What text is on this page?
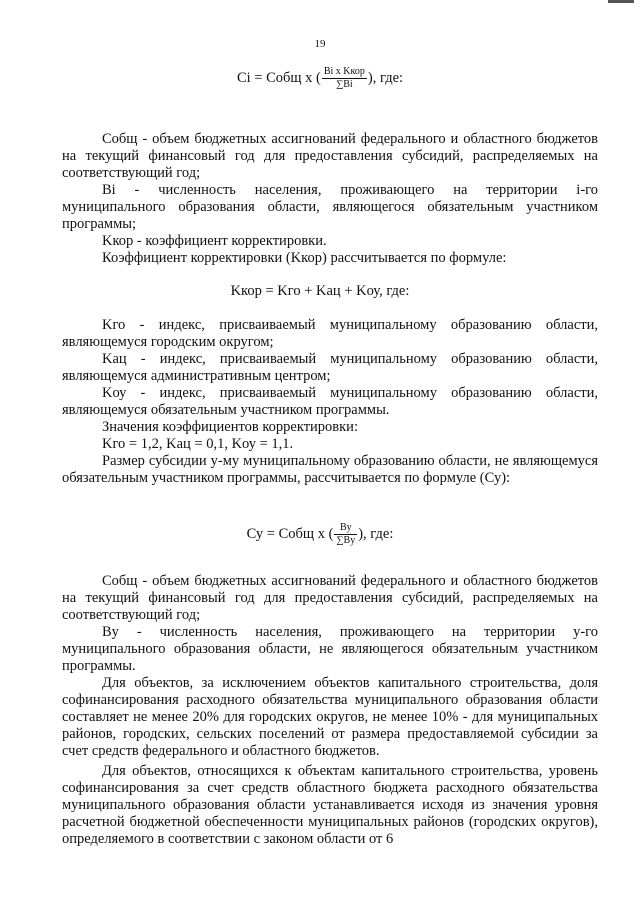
19
Ci = Собщ х ( $\frac{\text{Bi x Kкор}}{\sum Bi}$ ), где:

Собщ - объем бюджетных ассигнований федерального и областного бюджетов на текущий финансовый год для предоставления субсидий, распределяемых на соответствующий год;

Bi - численность населения, проживающего на территории i-го муниципального образования области, являющегося обязательным участником программы;

Kкор - коэффициент корректировки.

Коэффициент корректировки (Kкор) рассчитывается по формуле:

Kкор = Kго + Kац + Kоу, где:

Kго - индекс, присваиваемый муниципальному образованию области, являющемуся городским округом;

Kац - индекс, присваиваемый муниципальному образованию области, являющемуся административным центром;

Kоу - индекс, присваиваемый муниципальному образованию области, являющемуся обязательным участником программы.

Значения коэффициентов корректировки:

Kго = 1,2, Kац = 0,1, Kоу = 1,1.

Размер субсидии у-му муниципальному образованию области, не являющемуся обязательным участником программы, рассчитывается по формуле (Су):

Су = Собщ х ( $\frac{Bу}{\sum Bу}$ ), где:

Собщ - объем бюджетных ассигнований федерального и областного бюджетов на текущий финансовый год для предоставления субсидий, распределяемых на соответствующий год;

Bу - численность населения, проживающего на территории у-го муниципального образования области, не являющегося обязательным участником программы.

Для объектов, за исключением объектов капитального строительства, доля софинансирования расходного обязательства муниципального образования области составляет не менее 20% для городских округов, не менее 10% - для муниципальных районов, городских, сельских поселений от размера предоставляемой субсидии за счет средств федерального и областного бюджетов.

Для объектов, относящихся к объектам капитального строительства, уровень софинансирования за счет средств областного бюджета расходного обязательства муниципального образования области устанавливается исходя из значения уровня расчетной бюджетной обеспеченности муниципальных районов (городских округов), определяемого в соответствии с законом области от 6
